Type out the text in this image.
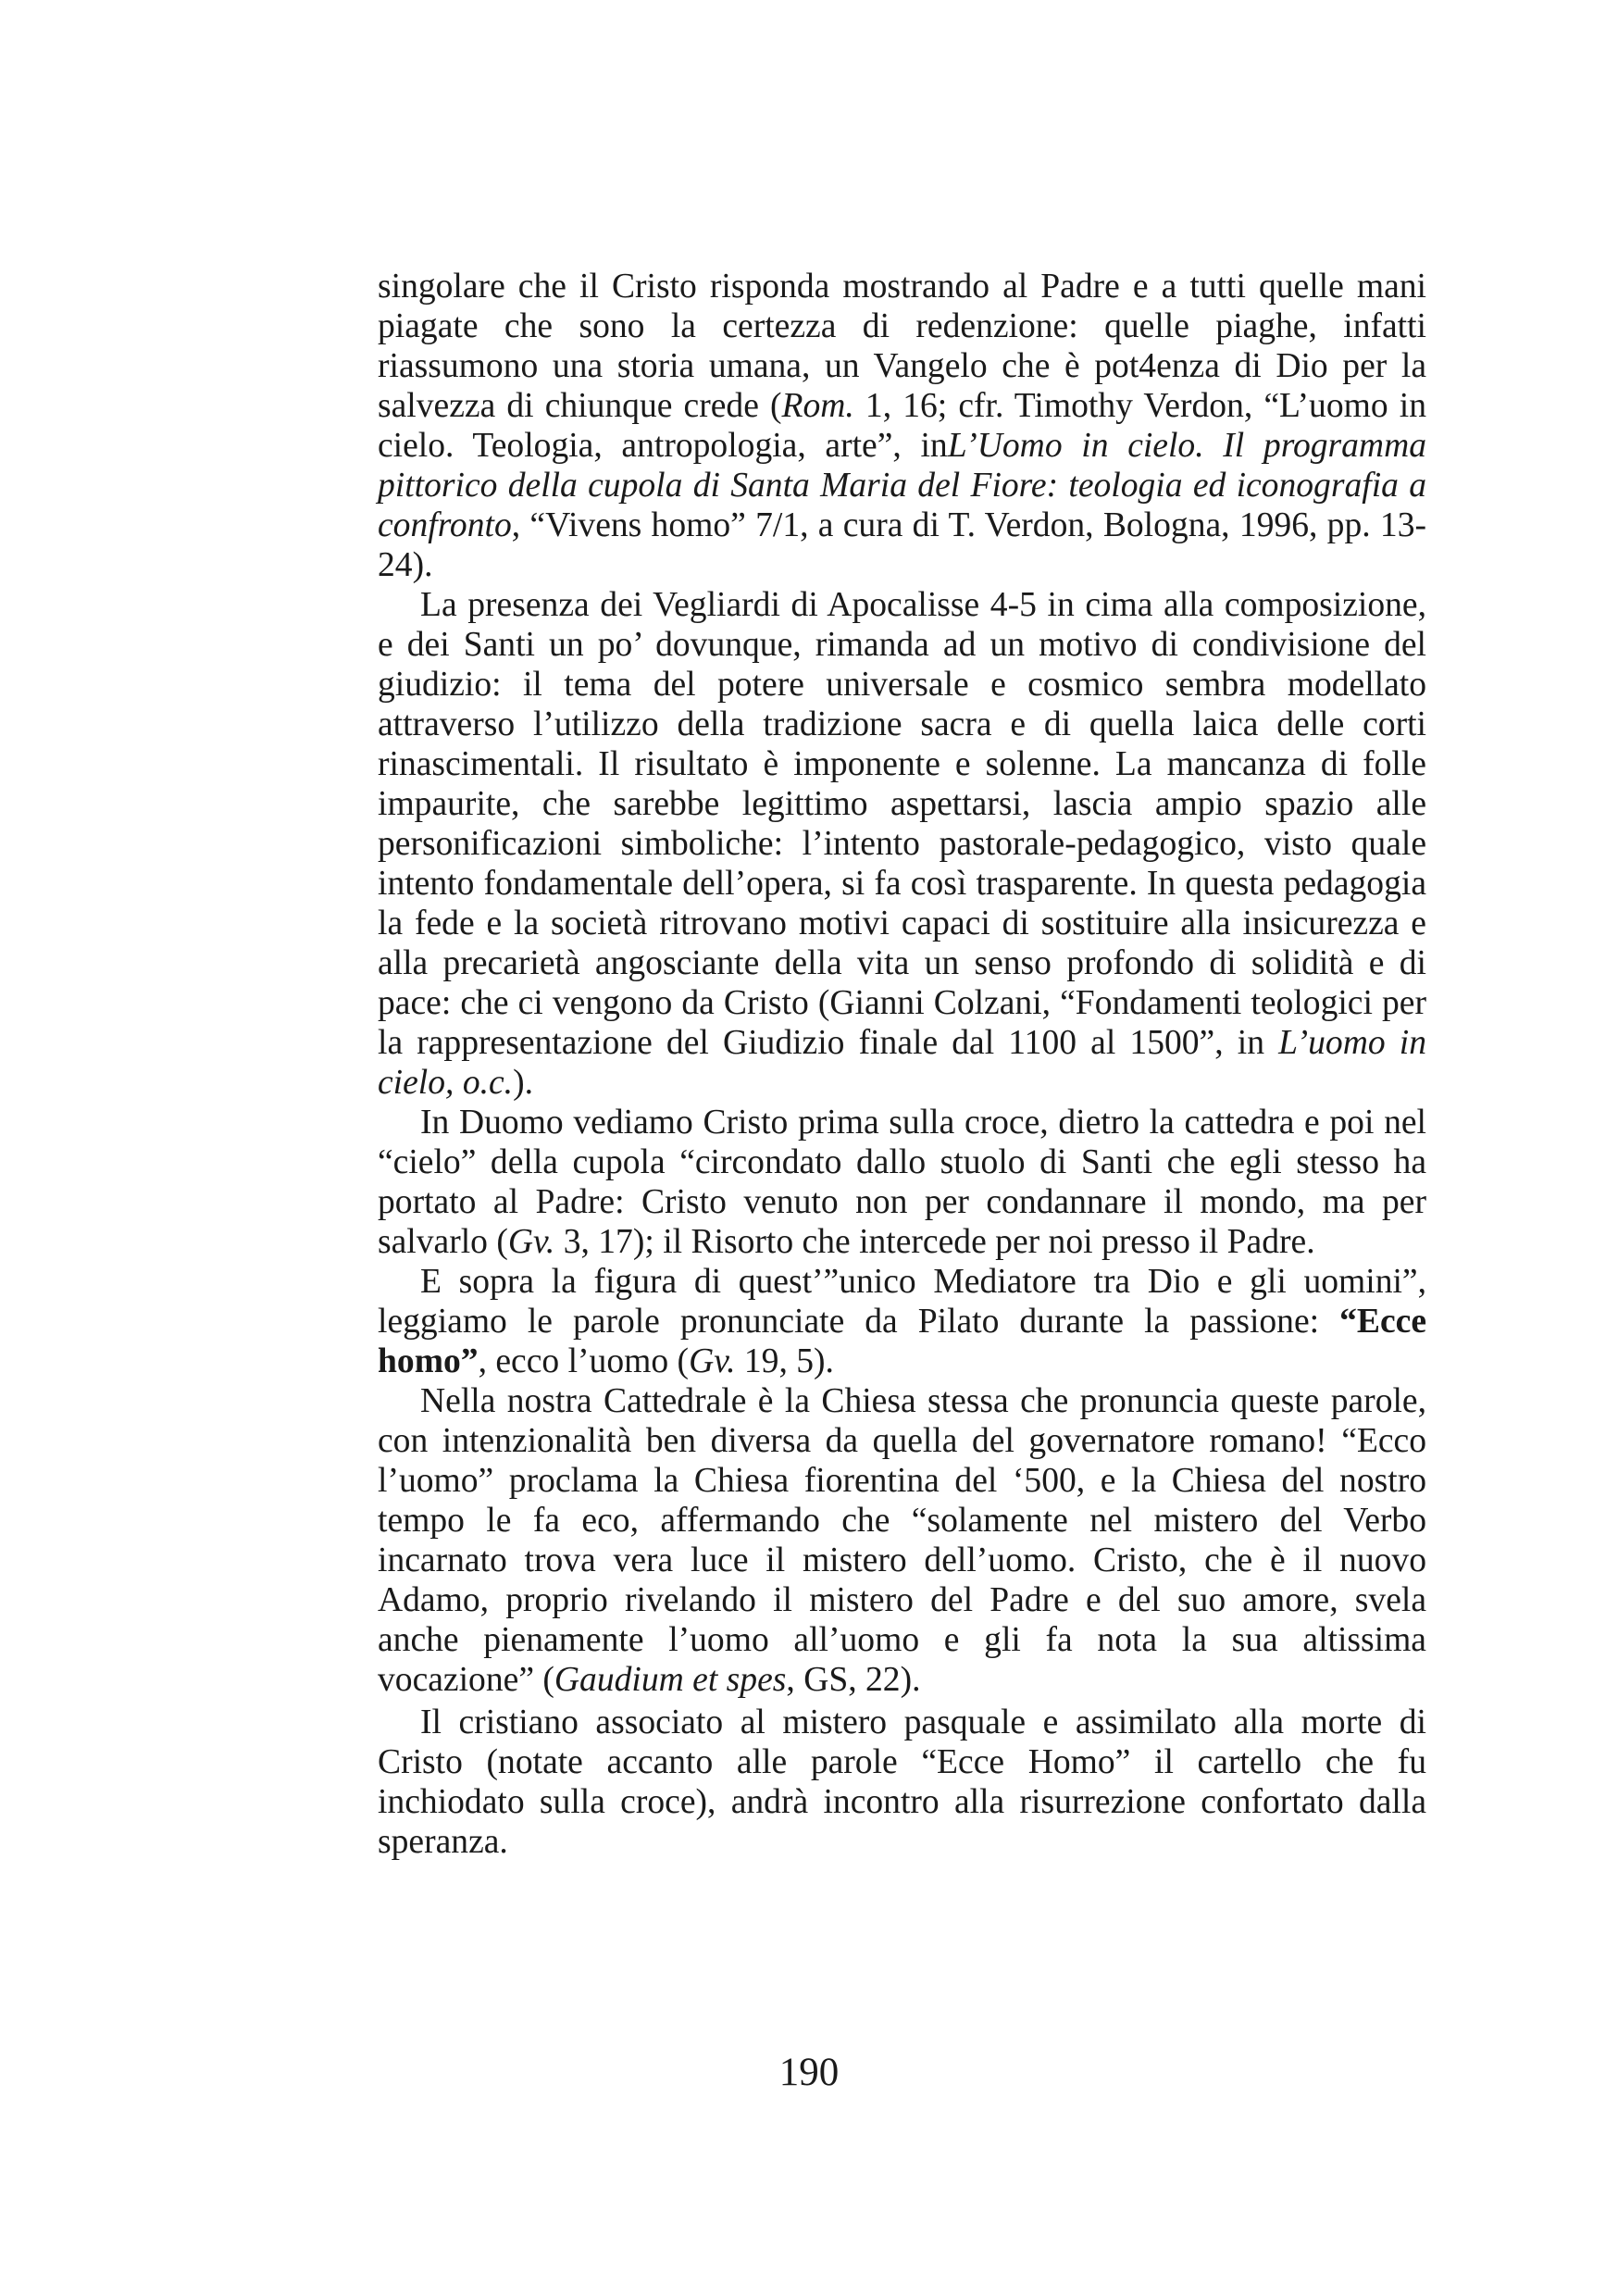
singolare che il Cristo risponda mostrando al Padre e a tutti quelle mani piagate che sono la certezza di redenzione: quelle piaghe, infatti riassumono una storia umana, un Vangelo che è pot4enza di Dio per la salvezza di chiunque crede (Rom. 1, 16; cfr. Timothy Verdon, “L’uomo in cielo. Teologia, antropologia, arte”, inL’Uomo in cielo. Il programma pittorico della cupola di Santa Maria del Fiore: teologia ed iconografia a confronto, “Vivens homo” 7/1, a cura di T. Verdon, Bologna, 1996, pp. 13-24).

La presenza dei Vegliardi di Apocalisse 4-5 in cima alla composizione, e dei Santi un po’ dovunque, rimanda ad un motivo di condivisione del giudizio: il tema del potere universale e cosmico sembra modellato attraverso l’utilizzo della tradizione sacra e di quella laica delle corti rinascimentali. Il risultato è imponente e solenne. La mancanza di folle impaurite, che sarebbe legittimo aspettarsi, lascia ampio spazio alle personificazioni simboliche: l’intento pastorale-pedagogico, visto quale intento fondamentale dell’opera, si fa così trasparente. In questa pedagogia la fede e la società ritrovano motivi capaci di sostituire alla insicurezza e alla precarietà angosciante della vita un senso profondo di solidità e di pace: che ci vengono da Cristo (Gianni Colzani, “Fondamenti teologici per la rappresentazione del Giudizio finale dal 1100 al 1500”, in L’uomo in cielo, o.c.).

In Duomo vediamo Cristo prima sulla croce, dietro la cattedra e poi nel “cielo” della cupola “circondato dallo stuolo di Santi che egli stesso ha portato al Padre: Cristo venuto non per condannare il mondo, ma per salvarlo (Gv. 3, 17); il Risorto che intercede per noi presso il Padre.

E sopra la figura di quest’”unico Mediatore tra Dio e gli uomini”, leggiamo le parole pronunciate da Pilato durante la passione: “Ecce homo”, ecco l’uomo (Gv. 19, 5).

Nella nostra Cattedrale è la Chiesa stessa che pronuncia queste parole, con intenzionalità ben diversa da quella del governatore romano! “Ecco l’uomo” proclama la Chiesa fiorentina del ‘500, e la Chiesa del nostro tempo le fa eco, affermando che “solamente nel mistero del Verbo incarnato trova vera luce il mistero dell’uomo. Cristo, che è il nuovo Adamo, proprio rivelando il mistero del Padre e del suo amore, svela anche pienamente l’uomo all’uomo e gli fa nota la sua altissima vocazione” (Gaudium et spes, GS, 22).

Il cristiano associato al mistero pasquale e assimilato alla morte di Cristo (notate accanto alle parole “Ecce Homo” il cartello che fu inchiodato sulla croce), andrà incontro alla risurrezione confortato dalla speranza.

190
